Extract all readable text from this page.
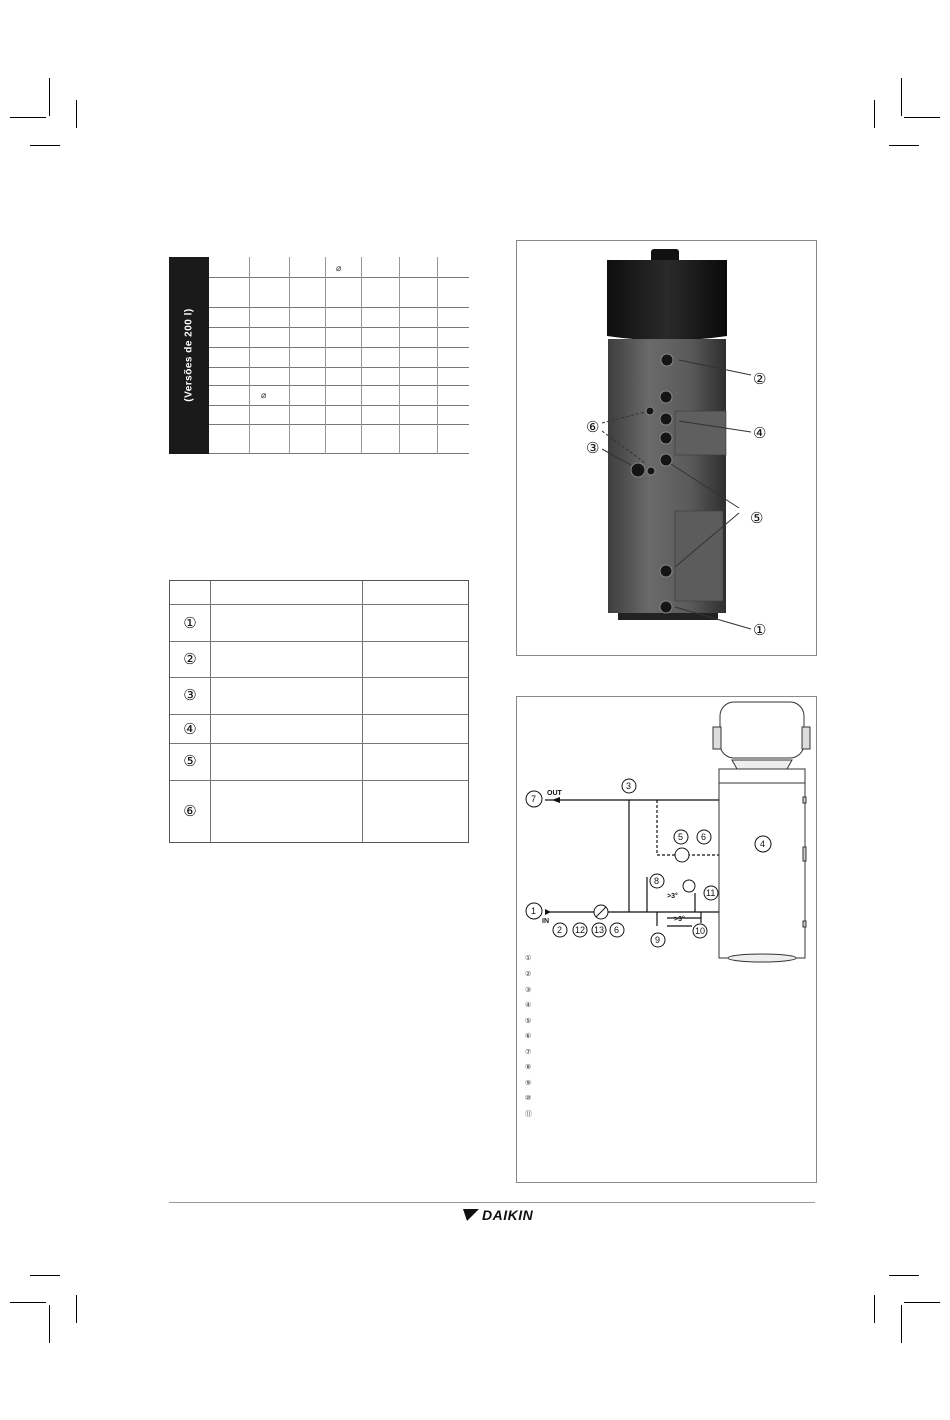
(Versões de 200 l)
⌀
⌀
①
②
③
④
⑤
⑥
②
④
⑥
③
⑤
①
OUT
IN
>3°
>3°
7
3
5 6
4
8
11
1
2 12 13 6
9
10
①
②
③
④
⑤
⑥
⑦
⑧
⑨
⑩
⑪
DAIKIN
